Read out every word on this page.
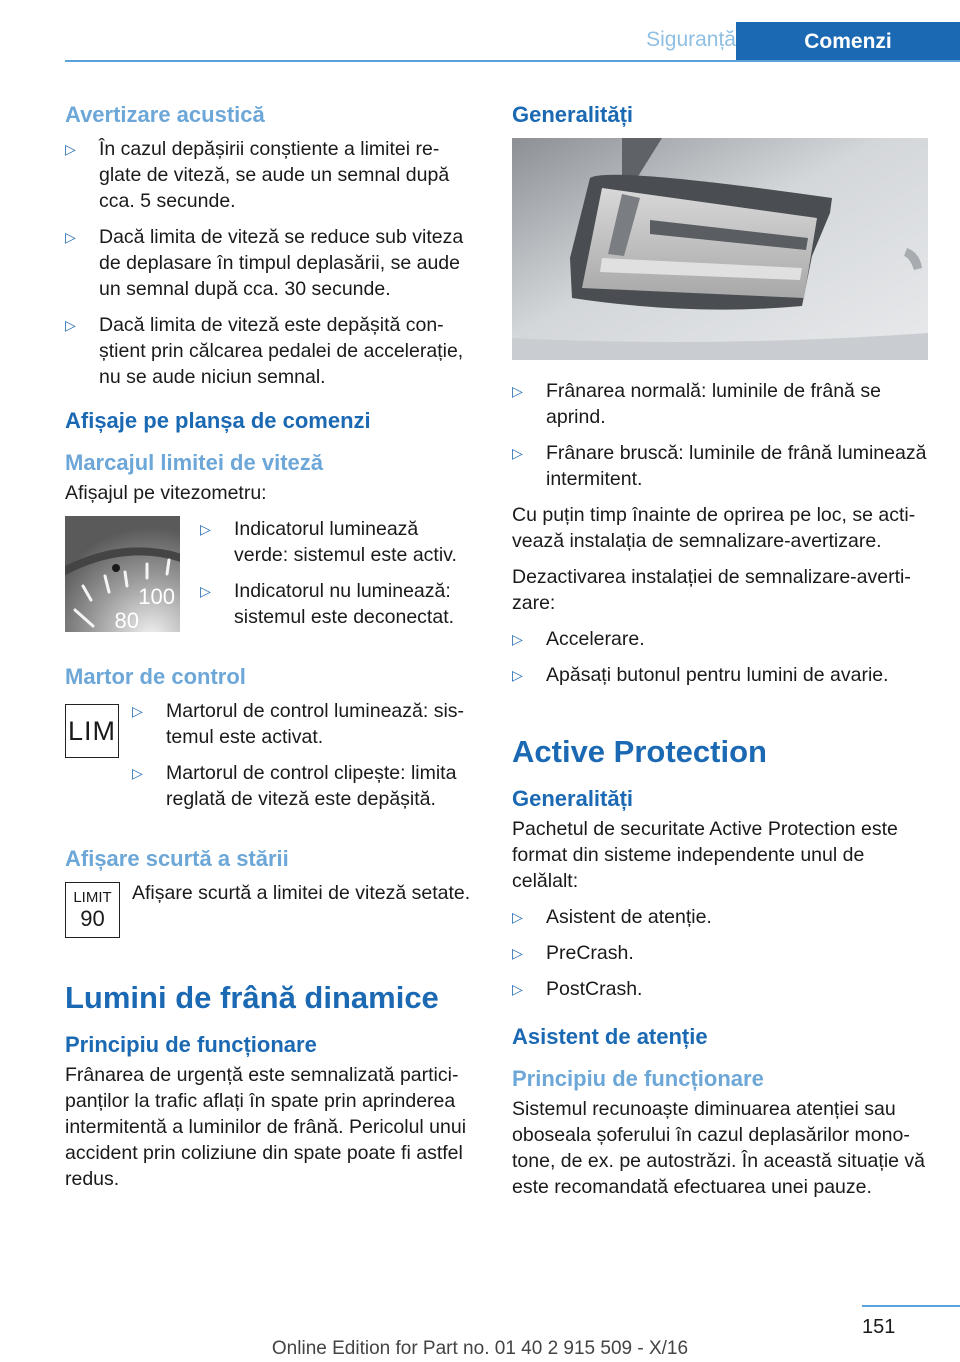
Siguranță	Comenzi
Avertizare acustică
▷ În cazul depășirii conștiente a limitei re‐glate de viteză, se aude un semnal după cca. 5 secunde.
▷ Dacă limita de viteză se reduce sub viteza de deplasare în timpul deplasării, se aude un semnal după cca. 30 secunde.
▷ Dacă limita de viteză este depășită con‐ știent prin călcarea pedalei de accelerație, nu se aude niciun semnal.
Afișaje pe planșa de comenzi
Marcajul limitei de viteză

Afișajul pe vitezometru:

100
80
▷ Indicatorul luminează verde: sistemul este activ.
▷ Indicatorul nu luminează: sistemul este deconectat.
Martor de control
LIM
▷ Martorul de control luminează: sis‐temul este activat.
▷ Martorul de control clipește: limita reglată de viteză este depășită.
Afișare scurtă a stării
LIMIT
90

Afișare scurtă a limitei de viteză setate.

Lumini de frână dinamice
Principiu de funcționare

Frânarea de urgență este semnalizată partici‐panților la trafic aflați în spate prin aprinderea intermitentă a luminilor de frână. Pericolul unui accident prin coliziune din spate poate fi astfel redus.

Generalități
▷ Frânarea normală: luminile de frână se aprind.
▷ Frânare bruscă: luminile de frână luminează intermitent.

Cu puțin timp înainte de oprirea pe loc, se acti‐vează instalația de semnalizare-avertizare.

Dezactivarea instalației de semnalizare-averti‐zare:

▷ Accelerare.
▷ Apăsați butonul pentru lumini de avarie.
Active Protection
Generalități

Pachetul de securitate Active Protection este format din sisteme independente unul de celălalt:

▷ Asistent de atenție.
▷ PreCrash.
▷ PostCrash.
Asistent de atenție
Principiu de funcționare

Sistemul recunoaște diminuarea atenției sau oboseala șoferului în cazul deplasărilor mono‐tone, de ex. pe autostrăzi. În această situație vă este recomandată efectuarea unei pauze.

151
Online Edition for Part no. 01 40 2 915 509 - X/16
